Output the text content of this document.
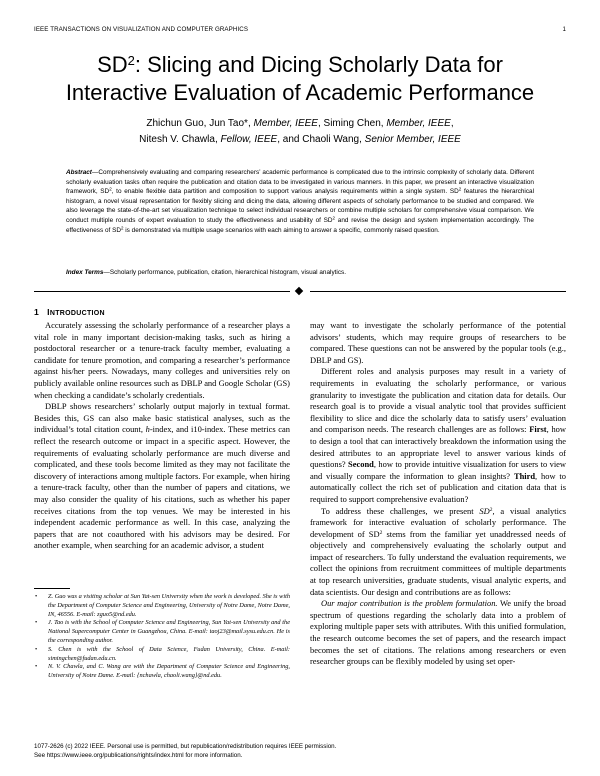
IEEE TRANSACTIONS ON VISUALIZATION AND COMPUTER GRAPHICS	1
$SD^2$: Slicing and Dicing Scholarly Data for
Interactive Evaluation of Academic Performance
Zhichun Guo, Jun Tao*, Member, IEEE, Siming Chen, Member, IEEE,
Nitesh V. Chawla, Fellow, IEEE, and Chaoli Wang, Senior Member, IEEE
Abstract—Comprehensively evaluating and comparing researchers’ academic performance is complicated due to the intrinsic complexity of scholarly data. Different scholarly evaluation tasks often require the publication and citation data to be investigated in various manners. In this paper, we present an interactive visualization framework, $SD^2$, to enable flexible data partition and composition to support various analysis requirements within a single system. $SD^2$ features the hierarchical histogram, a novel visual representation for flexibly slicing and dicing the data, allowing different aspects of scholarly performance to be studied and compared. We also leverage the state-of-the-art set visualization technique to select individual researchers or combine multiple scholars for comprehensive visual comparison. We conduct multiple rounds of expert evaluation to study the effectiveness and usability of $SD^2$ and revise the design and system implementation accordingly. The effectiveness of $SD^2$ is demonstrated via multiple usage scenarios with each aiming to answer a specific, commonly raised question.
Index Terms—Scholarly performance, publication, citation, hierarchical histogram, visual analytics.
1 INTRODUCTION

Accurately assessing the scholarly performance of a researcher plays a vital role in many important decision-making tasks, such as hiring a postdoctoral researcher or a tenure-track faculty member, evaluating a candidate for tenure promotion, and comparing a researcher’s performance against his/her peers. Nowadays, many colleges and universities rely on publicly available online resources such as DBLP and Google Scholar (GS) when checking a candidate’s scholarly credentials.

DBLP shows researchers’ scholarly output majorly in textual format. Besides this, GS can also make basic statistical analyses, such as the individual’s total citation count, h-index, and i10-index. These metrics can reflect the research outcome or impact in a specific aspect. However, the requirements of evaluating scholarly performance are much diverse and complicated, and these tools become limited as they may not facilitate the discovery of interactions among multiple factors. For example, when hiring a tenure-track faculty, other than the number of papers and citations, we may also consider the quality of his citations, such as whether his paper receives citations from the top venues. We may be interested in his independent academic performance as well. In this case, analyzing the papers that are not coauthored with his advisors may be desired. For another example, when searching for an academic advisor, a student

• Z. Guo was a visiting scholar at Sun Yat-sen University when the work is developed. She is with the Department of Computer Science and Engineering, University of Notre Dame, Notre Dame, IN, 46556. E-mail: zguo5@nd.edu.

• J. Tao is with the School of Computer Science and Engineering, Sun Yat-sen University and the National Supercomputer Center in Guangzhou, China. E-mail: taoj23@mail.sysu.edu.cn. He is the corresponding author.

• S. Chen is with the School of Data Science, Fudan University, China. E-mail: simingchen@fudan.edu.cn.

• N. V. Chawla, and C. Wang are with the Department of Computer Science and Engineering, University of Notre Dame. E-mail: {nchawla, chaoli.wang}@nd.edu.

may want to investigate the scholarly performance of the potential advisors’ students, which may require groups of researchers to be compared. These questions can not be answered by the popular tools (e.g., DBLP and GS).

Different roles and analysis purposes may result in a variety of requirements in evaluating the scholarly performance, or various granularity to investigate the publication and citation data for details. Our research goal is to provide a visual analytic tool that provides sufficient flexibility to slice and dice the scholarly data to satisfy users’ evaluation and comparison needs. The research challenges are as follows: First, how to design a tool that can interactively breakdown the information using the desired attributes to an appropriate level to answer various kinds of questions? Second, how to provide intuitive visualization for users to view and visually compare the information to glean insights? Third, how to automatically collect the rich set of publication and citation data that is required to support comprehensive evaluation?

To address these challenges, we present $SD^2$, a visual analytics framework for interactive evaluation of scholarly performance. The development of $SD^2$ stems from the familiar yet unaddressed needs of objectively and comprehensively evaluating the scholarly output and impact of researchers. To fully understand the evaluation requirements, we collect the opinions from recruitment committees of multiple departments at top research universities, graduate students, visual analytic experts, and data scientists. Our design and contributions are as follows:

Our major contribution is the problem formulation. We unify the broad spectrum of questions regarding the scholarly data into a problem of exploring multiple paper sets with attributes. With this unified formulation, the research outcome becomes the set of papers, and the research impact becomes the set of citations. The relations among researchers or even researcher groups can be flexibly modeled by using set oper-

1077-2626 (c) 2022 IEEE. Personal use is permitted, but republication/redistribution requires IEEE permission.
See https://www.ieee.org/publications/rights/index.html for more information.
